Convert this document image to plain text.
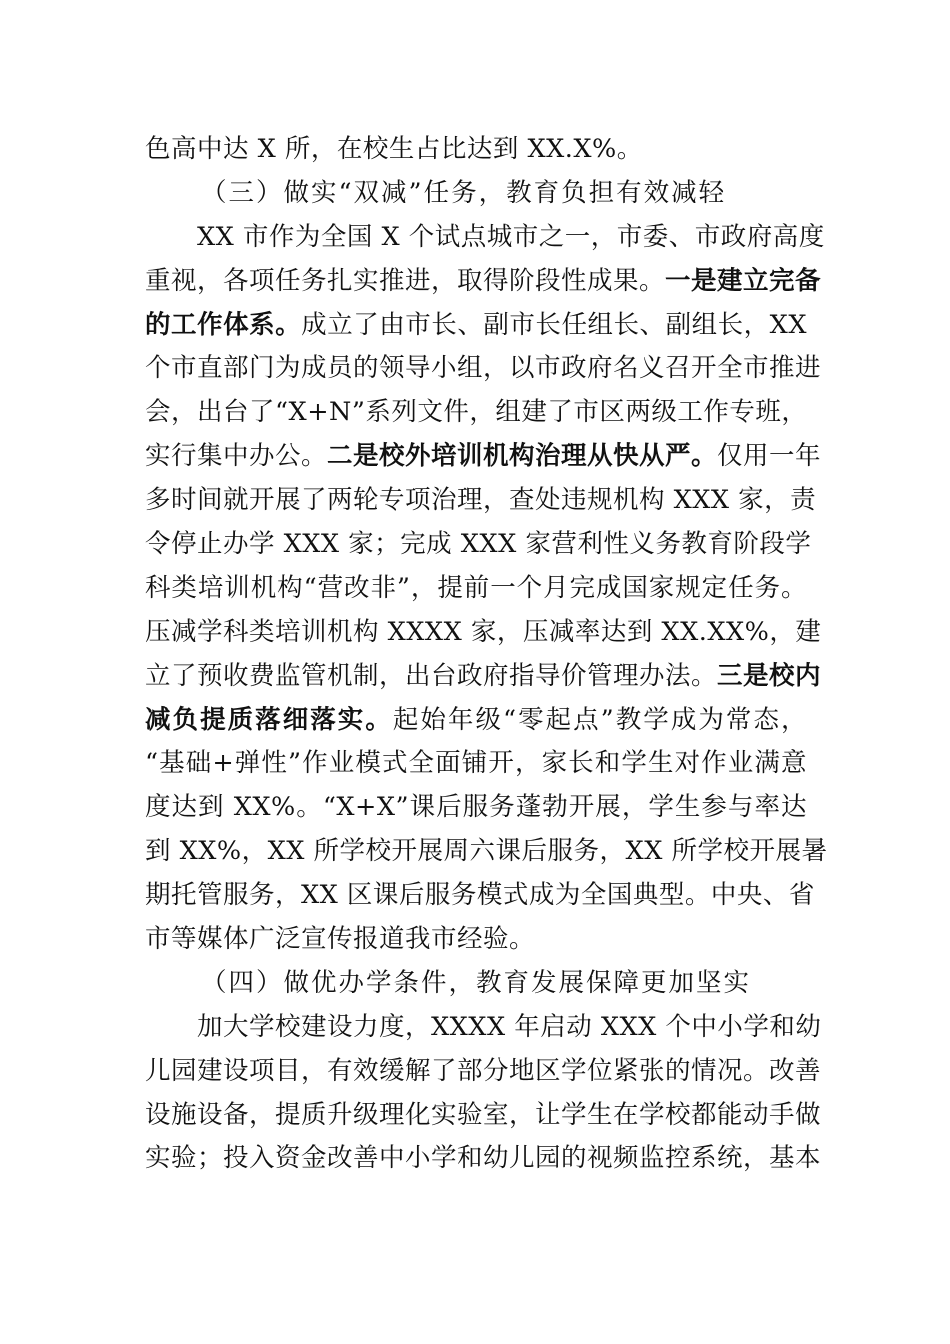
色高中达 X 所，在校生占比达到 XX.X%。
（三）做实“双减”任务，教育负担有效减轻
XX 市作为全国 X 个试点城市之一，市委、市政府高度
重视，各项任务扎实推进，取得阶段性成果。一是建立完备
的工作体系。成立了由市长、副市长任组长、副组长，XX
个市直部门为成员的领导小组，以市政府名义召开全市推进
会，出台了“X+N”系列文件，组建了市区两级工作专班，
实行集中办公。二是校外培训机构治理从快从严。仅用一年
多时间就开展了两轮专项治理，查处违规机构 XXX 家，责
令停止办学 XXX 家；完成 XXX 家营利性义务教育阶段学
科类培训机构“营改非”，提前一个月完成国家规定任务。
压减学科类培训机构 XXXX 家，压减率达到 XX.XX%，建
立了预收费监管机制，出台政府指导价管理办法。三是校内
减负提质落细落实。起始年级“零起点”教学成为常态，
“基础+弹性”作业模式全面铺开，家长和学生对作业满意
度达到 XX%。“X+X”课后服务蓬勃开展，学生参与率达
到 XX%，XX 所学校开展周六课后服务，XX 所学校开展暑
期托管服务，XX 区课后服务模式成为全国典型。中央、省
市等媒体广泛宣传报道我市经验。
（四）做优办学条件，教育发展保障更加坚实
加大学校建设力度，XXXX 年启动 XXX 个中小学和幼
儿园建设项目，有效缓解了部分地区学位紧张的情况。改善
设施设备，提质升级理化实验室，让学生在学校都能动手做
实验；投入资金改善中小学和幼儿园的视频监控系统，基本
